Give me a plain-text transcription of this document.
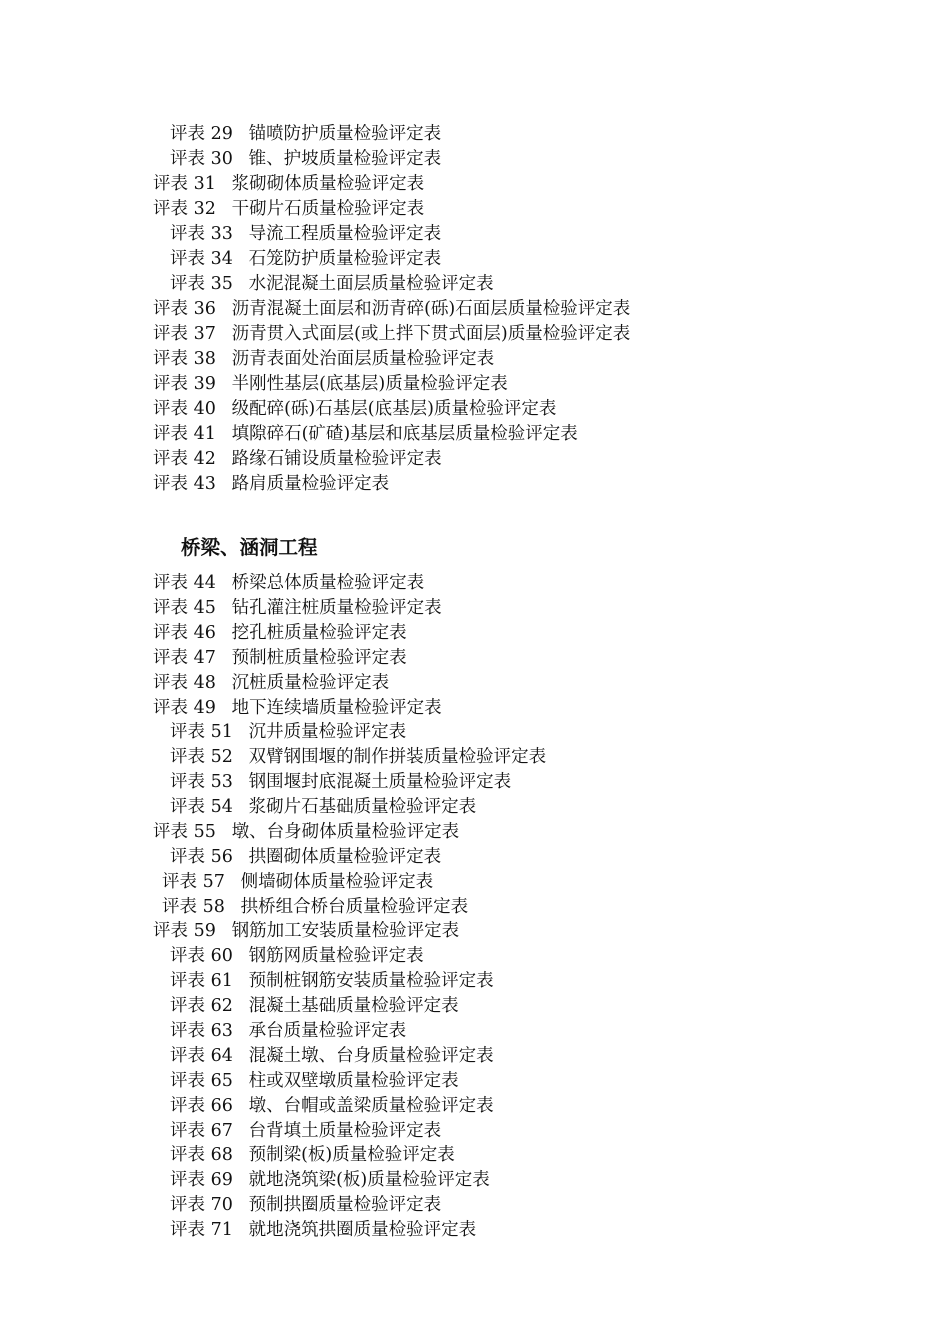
评表 29 锚喷防护质量检验评定表
评表 30 锥、护坡质量检验评定表
评表 31 浆砌砌体质量检验评定表
评表 32 干砌片石质量检验评定表
评表 33 导流工程质量检验评定表
评表 34 石笼防护质量检验评定表
评表 35 水泥混凝土面层质量检验评定表
评表 36 沥青混凝土面层和沥青碎(砾)石面层质量检验评定表
评表 37 沥青贯入式面层(或上拌下贯式面层)质量检验评定表
评表 38 沥青表面处治面层质量检验评定表
评表 39 半刚性基层(底基层)质量检验评定表
评表 40 级配碎(砾)石基层(底基层)质量检验评定表
评表 41 填隙碎石(矿碴)基层和底基层质量检验评定表
评表 42 路缘石铺设质量检验评定表
评表 43 路肩质量检验评定表
桥梁、涵洞工程
评表 44 桥梁总体质量检验评定表
评表 45 钻孔灌注桩质量检验评定表
评表 46 挖孔桩质量检验评定表
评表 47 预制桩质量检验评定表
评表 48 沉桩质量检验评定表
评表 49 地下连续墙质量检验评定表
评表 51 沉井质量检验评定表
评表 52 双臂钢围堰的制作拼装质量检验评定表
评表 53 钢围堰封底混凝土质量检验评定表
评表 54 浆砌片石基础质量检验评定表
评表 55 墩、台身砌体质量检验评定表
评表 56 拱圈砌体质量检验评定表
评表 57 侧墙砌体质量检验评定表
评表 58 拱桥组合桥台质量检验评定表
评表 59 钢筋加工安装质量检验评定表
评表 60 钢筋网质量检验评定表
评表 61 预制桩钢筋安装质量检验评定表
评表 62 混凝土基础质量检验评定表
评表 63 承台质量检验评定表
评表 64 混凝土墩、台身质量检验评定表
评表 65 柱或双壁墩质量检验评定表
评表 66 墩、台帽或盖梁质量检验评定表
评表 67 台背填土质量检验评定表
评表 68 预制梁(板)质量检验评定表
评表 69 就地浇筑梁(板)质量检验评定表
评表 70 预制拱圈质量检验评定表
评表 71 就地浇筑拱圈质量检验评定表
